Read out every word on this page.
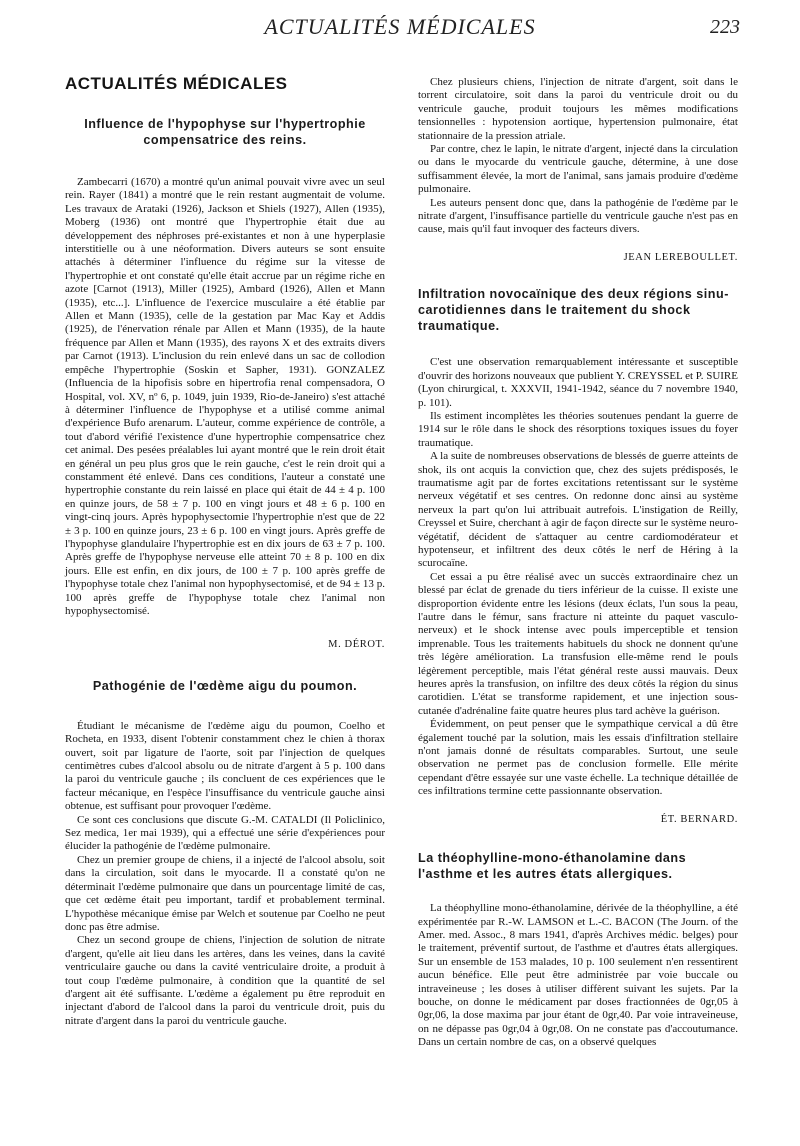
ACTUALITÉS MÉDICALES	223
ACTUALITÉS MÉDICALES
Influence de l'hypophyse sur l'hypertrophie compensatrice des reins.

Zambecarri (1670) a montré qu'un animal pouvait vivre avec un seul rein. Rayer (1841) a montré que le rein restant augmentait de volume. Les travaux de Arataki (1926), Jackson et Shiels (1927), Allen (1935), Moberg (1936) ont montré que l'hypertrophie était due au développement des néphroses pré-existantes et non à une hyperplasie interstitielle ou à une néoformation. Divers auteurs se sont ensuite attachés à déterminer l'influence du régime sur la vitesse de l'hypertrophie et ont constaté qu'elle était accrue par un régime riche en azote [Carnot (1913), Miller (1925), Ambard (1926), Allen et Mann (1935), etc...]. L'influence de l'exercice musculaire a été établie par Allen et Mann (1935), celle de la gestation par Mac Kay et Addis (1925), de l'énervation rénale par Allen et Mann (1935), de la haute fréquence par Allen et Mann (1935), des rayons X et des extraits divers par Carnot (1913). L'inclusion du rein enlevé dans un sac de collodion empêche l'hypertrophie (Soskin et Sapher, 1931). GONZALEZ (Influencia de la hipofisis sobre en hipertrofia renal compensadora, O Hospital, vol. XV, nº 6, p. 1049, juin 1939, Rio-de-Janeiro) s'est attaché à déterminer l'influence de l'hypophyse et a utilisé comme animal d'expérience Bufo arenarum. L'auteur, comme expérience de contrôle, a tout d'abord vérifié l'existence d'une hypertrophie compensatrice chez cet animal. Des pesées préalables lui ayant montré que le rein droit était en général un peu plus gros que le rein gauche, c'est le rein droit qui a constamment été enlevé. Dans ces conditions, l'auteur a constaté une hypertrophie constante du rein laissé en place qui était de 44 ± 4 p. 100 en quinze jours, de 58 ± 7 p. 100 en vingt jours et 48 ± 6 p. 100 en vingt-cinq jours. Après hypophysectomie l'hypertrophie n'est que de 22 ± 3 p. 100 en quinze jours, 23 ± 6 p. 100 en vingt jours. Après greffe de l'hypophyse glandulaire l'hypertrophie est en dix jours de 63 ± 7 p. 100. Après greffe de l'hypophyse nerveuse elle atteint 70 ± 8 p. 100 en dix jours. Elle est enfin, en dix jours, de 100 ± 7 p. 100 après greffe de l'hypophyse totale chez l'animal non hypophysectomisé, et de 94 ± 13 p. 100 après greffe de l'hypophyse totale chez l'animal non hypophysectomisé.

M. DÉROT.

Pathogénie de l'œdème aigu du poumon.

Étudiant le mécanisme de l'œdème aigu du poumon, Coelho et Rocheta, en 1933, disent l'obtenir constamment chez le chien à thorax ouvert, soit par ligature de l'aorte, soit par l'injection de quelques centimètres cubes d'alcool absolu ou de nitrate d'argent à 5 p. 100 dans la paroi du ventricule gauche ; ils concluent de ces expériences que le facteur mécanique, en l'espèce l'insuffisance du ventricule gauche ainsi obtenue, est suffisant pour provoquer l'œdème.

Ce sont ces conclusions que discute G.-M. CATALDI (Il Policlinico, Sez medica, 1er mai 1939), qui a effectué une série d'expériences pour élucider la pathogénie de l'œdème pulmonaire.

Chez un premier groupe de chiens, il a injecté de l'alcool absolu, soit dans la circulation, soit dans le myocarde. Il a constaté qu'on ne déterminait l'œdème pulmonaire que dans un pourcentage limité de cas, que cet œdème était peu important, tardif et probablement terminal. L'hypothèse mécanique émise par Welch et soutenue par Coelho ne peut donc pas être admise.

Chez un second groupe de chiens, l'injection de solution de nitrate d'argent, qu'elle ait lieu dans les artères, dans les veines, dans la cavité ventriculaire gauche ou dans la cavité ventriculaire droite, a produit à tout coup l'œdème pulmonaire, à condition que la quantité de sel d'argent ait été suffisante. L'œdème a également pu être reproduit en injectant d'abord de l'alcool dans la paroi du ventricule droit, puis du nitrate d'argent dans la paroi du ventricule gauche.

Chez plusieurs chiens, l'injection de nitrate d'argent, soit dans le torrent circulatoire, soit dans la paroi du ventricule droit ou du ventricule gauche, produit toujours les mêmes modifications tensionnelles : hypotension aortique, hypertension pulmonaire, état stationnaire de la pression atriale.

Par contre, chez le lapin, le nitrate d'argent, injecté dans la circulation ou dans le myocarde du ventricule gauche, détermine, à une dose suffisamment élevée, la mort de l'animal, sans jamais produire d'œdème pulmonaire.

Les auteurs pensent donc que, dans la pathogénie de l'œdème par le nitrate d'argent, l'insuffisance partielle du ventricule gauche n'est pas en cause, mais qu'il faut invoquer des facteurs divers.

JEAN LEREBOULLET.

Infiltration novocaïnique des deux régions sinu-carotidiennes dans le traitement du shock traumatique.

C'est une observation remarquablement intéressante et susceptible d'ouvrir des horizons nouveaux que publient Y. CREYSSEL et P. SUIRE (Lyon chirurgical, t. XXXVII, 1941-1942, séance du 7 novembre 1940, p. 101).

Ils estiment incomplètes les théories soutenues pendant la guerre de 1914 sur le rôle dans le shock des résorptions toxiques issues du foyer traumatique.

A la suite de nombreuses observations de blessés de guerre atteints de shok, ils ont acquis la conviction que, chez des sujets prédisposés, le traumatisme agit par de fortes excitations retentissant sur le système nerveux végétatif et ses centres. On redonne donc ainsi au système nerveux la part qu'on lui attribuait autrefois. L'instigation de Reilly, Creyssel et Suire, cherchant à agir de façon directe sur le système neuro-végétatif, décident de s'attaquer au centre cardiomodérateur et hypotenseur, et infiltrent des deux côtés le nerf de Héring à la scurocaïne.

Cet essai a pu être réalisé avec un succès extraordinaire chez un blessé par éclat de grenade du tiers inférieur de la cuisse. Il existe une disproportion évidente entre les lésions (deux éclats, l'un sous la peau, l'autre dans le fémur, sans fracture ni atteinte du paquet vasculo-nerveux) et le shock intense avec pouls imperceptible et tension imprenable. Tous les traitements habituels du shock ne donnent qu'une très légère amélioration. La transfusion elle-même rend le pouls légèrement perceptible, mais l'état général reste aussi mauvais. Deux heures après la transfusion, on infiltre des deux côtés la région du sinus carotidien. L'état se transforme rapidement, et une injection sous-cutanée d'adrénaline faite quatre heures plus tard achève la guérison.

Évidemment, on peut penser que le sympathique cervical a dû être également touché par la solution, mais les essais d'infiltration stellaire n'ont jamais donné de résultats comparables. Surtout, une seule observation ne permet pas de conclusion formelle. Elle mérite cependant d'être essayée sur une vaste échelle. La technique détaillée de ces infiltrations termine cette passionnante observation.

ÉT. BERNARD.

La théophylline-mono-éthanolamine dans l'asthme et les autres états allergiques.

La théophylline mono-éthanolamine, dérivée de la théophylline, a été expérimentée par R.-W. LAMSON et L.-C. BACON (The Journ. of the Amer. med. Assoc., 8 mars 1941, d'après Archives médic. belges) pour le traitement, préventif surtout, de l'asthme et d'autres états allergiques. Sur un ensemble de 153 malades, 10 p. 100 seulement n'en ressentirent aucun bénéfice. Elle peut être administrée par voie buccale ou intraveineuse ; les doses à utiliser diffèrent suivant les sujets. Par la bouche, on donne le médicament par doses fractionnées de 0gr,05 à 0gr,06, la dose maxima par jour étant de 0gr,40. Par voie intraveineuse, on ne dépasse pas 0gr,04 à 0gr,08. On ne constate pas d'accoutumance. Dans un certain nombre de cas, on a observé quelques
